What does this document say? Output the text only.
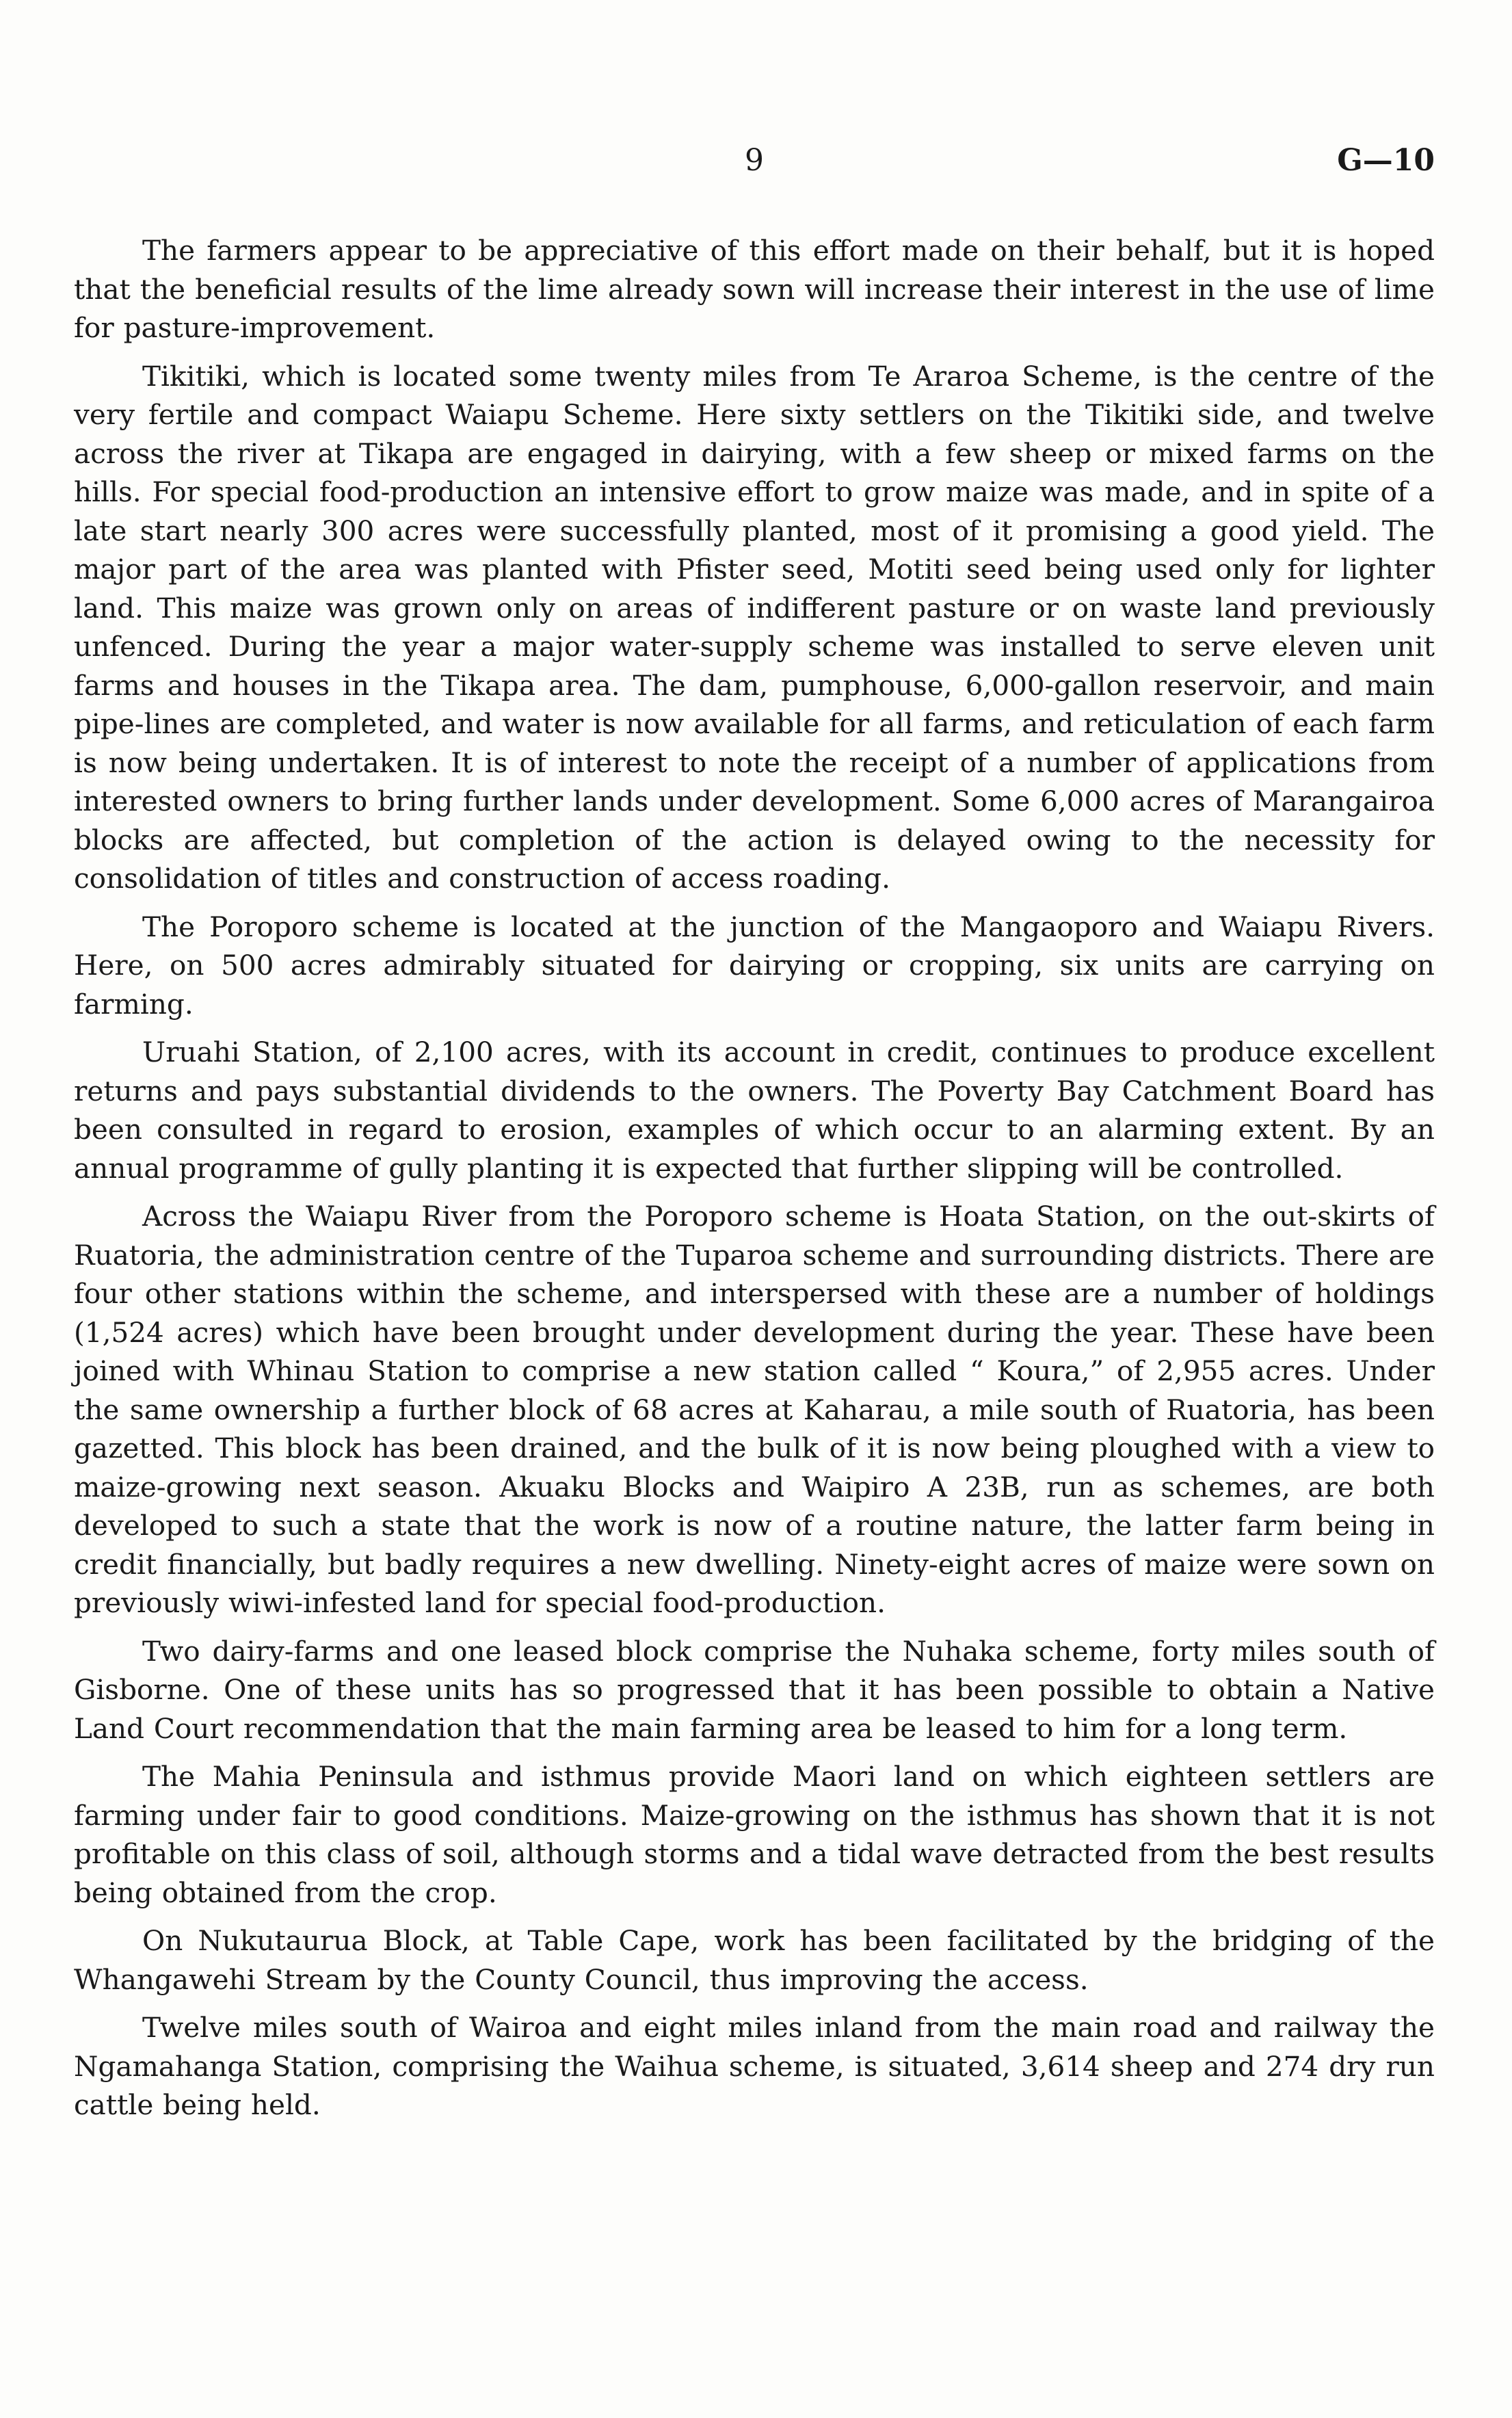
9	G—10

The farmers appear to be appreciative of this effort made on their behalf, but it is hoped that the beneficial results of the lime already sown will increase their interest in the use of lime for pasture-improvement.

Tikitiki, which is located some twenty miles from Te Araroa Scheme, is the centre of the very fertile and compact Waiapu Scheme. Here sixty settlers on the Tikitiki side, and twelve across the river at Tikapa are engaged in dairying, with a few sheep or mixed farms on the hills. For special food-production an intensive effort to grow maize was made, and in spite of a late start nearly 300 acres were successfully planted, most of it promising a good yield. The major part of the area was planted with Pfister seed, Motiti seed being used only for lighter land. This maize was grown only on areas of indifferent pasture or on waste land previously unfenced. During the year a major water-supply scheme was installed to serve eleven unit farms and houses in the Tikapa area. The dam, pumphouse, 6,000-gallon reservoir, and main pipe-lines are completed, and water is now available for all farms, and reticulation of each farm is now being undertaken. It is of interest to note the receipt of a number of applications from interested owners to bring further lands under development. Some 6,000 acres of Marangairoa blocks are affected, but completion of the action is delayed owing to the necessity for consolidation of titles and construction of access roading.

The Poroporo scheme is located at the junction of the Mangaoporo and Waiapu Rivers. Here, on 500 acres admirably situated for dairying or cropping, six units are carrying on farming.

Uruahi Station, of 2,100 acres, with its account in credit, continues to produce excellent returns and pays substantial dividends to the owners. The Poverty Bay Catchment Board has been consulted in regard to erosion, examples of which occur to an alarming extent. By an annual programme of gully planting it is expected that further slipping will be controlled.

Across the Waiapu River from the Poroporo scheme is Hoata Station, on the out-skirts of Ruatoria, the administration centre of the Tuparoa scheme and surrounding districts. There are four other stations within the scheme, and interspersed with these are a number of holdings (1,524 acres) which have been brought under development during the year. These have been joined with Whinau Station to comprise a new station called “ Koura,” of 2,955 acres. Under the same ownership a further block of 68 acres at Kaharau, a mile south of Ruatoria, has been gazetted. This block has been drained, and the bulk of it is now being ploughed with a view to maize-growing next season. Akuaku Blocks and Waipiro A 23B, run as schemes, are both developed to such a state that the work is now of a routine nature, the latter farm being in credit financially, but badly requires a new dwelling. Ninety-eight acres of maize were sown on previously wiwi-infested land for special food-production.

Two dairy-farms and one leased block comprise the Nuhaka scheme, forty miles south of Gisborne. One of these units has so progressed that it has been possible to obtain a Native Land Court recommendation that the main farming area be leased to him for a long term.

The Mahia Peninsula and isthmus provide Maori land on which eighteen settlers are farming under fair to good conditions. Maize-growing on the isthmus has shown that it is not profitable on this class of soil, although storms and a tidal wave detracted from the best results being obtained from the crop.

On Nukutaurua Block, at Table Cape, work has been facilitated by the bridging of the Whangawehi Stream by the County Council, thus improving the access.

Twelve miles south of Wairoa and eight miles inland from the main road and railway the Ngamahanga Station, comprising the Waihua scheme, is situated, 3,614 sheep and 274 dry run cattle being held.
